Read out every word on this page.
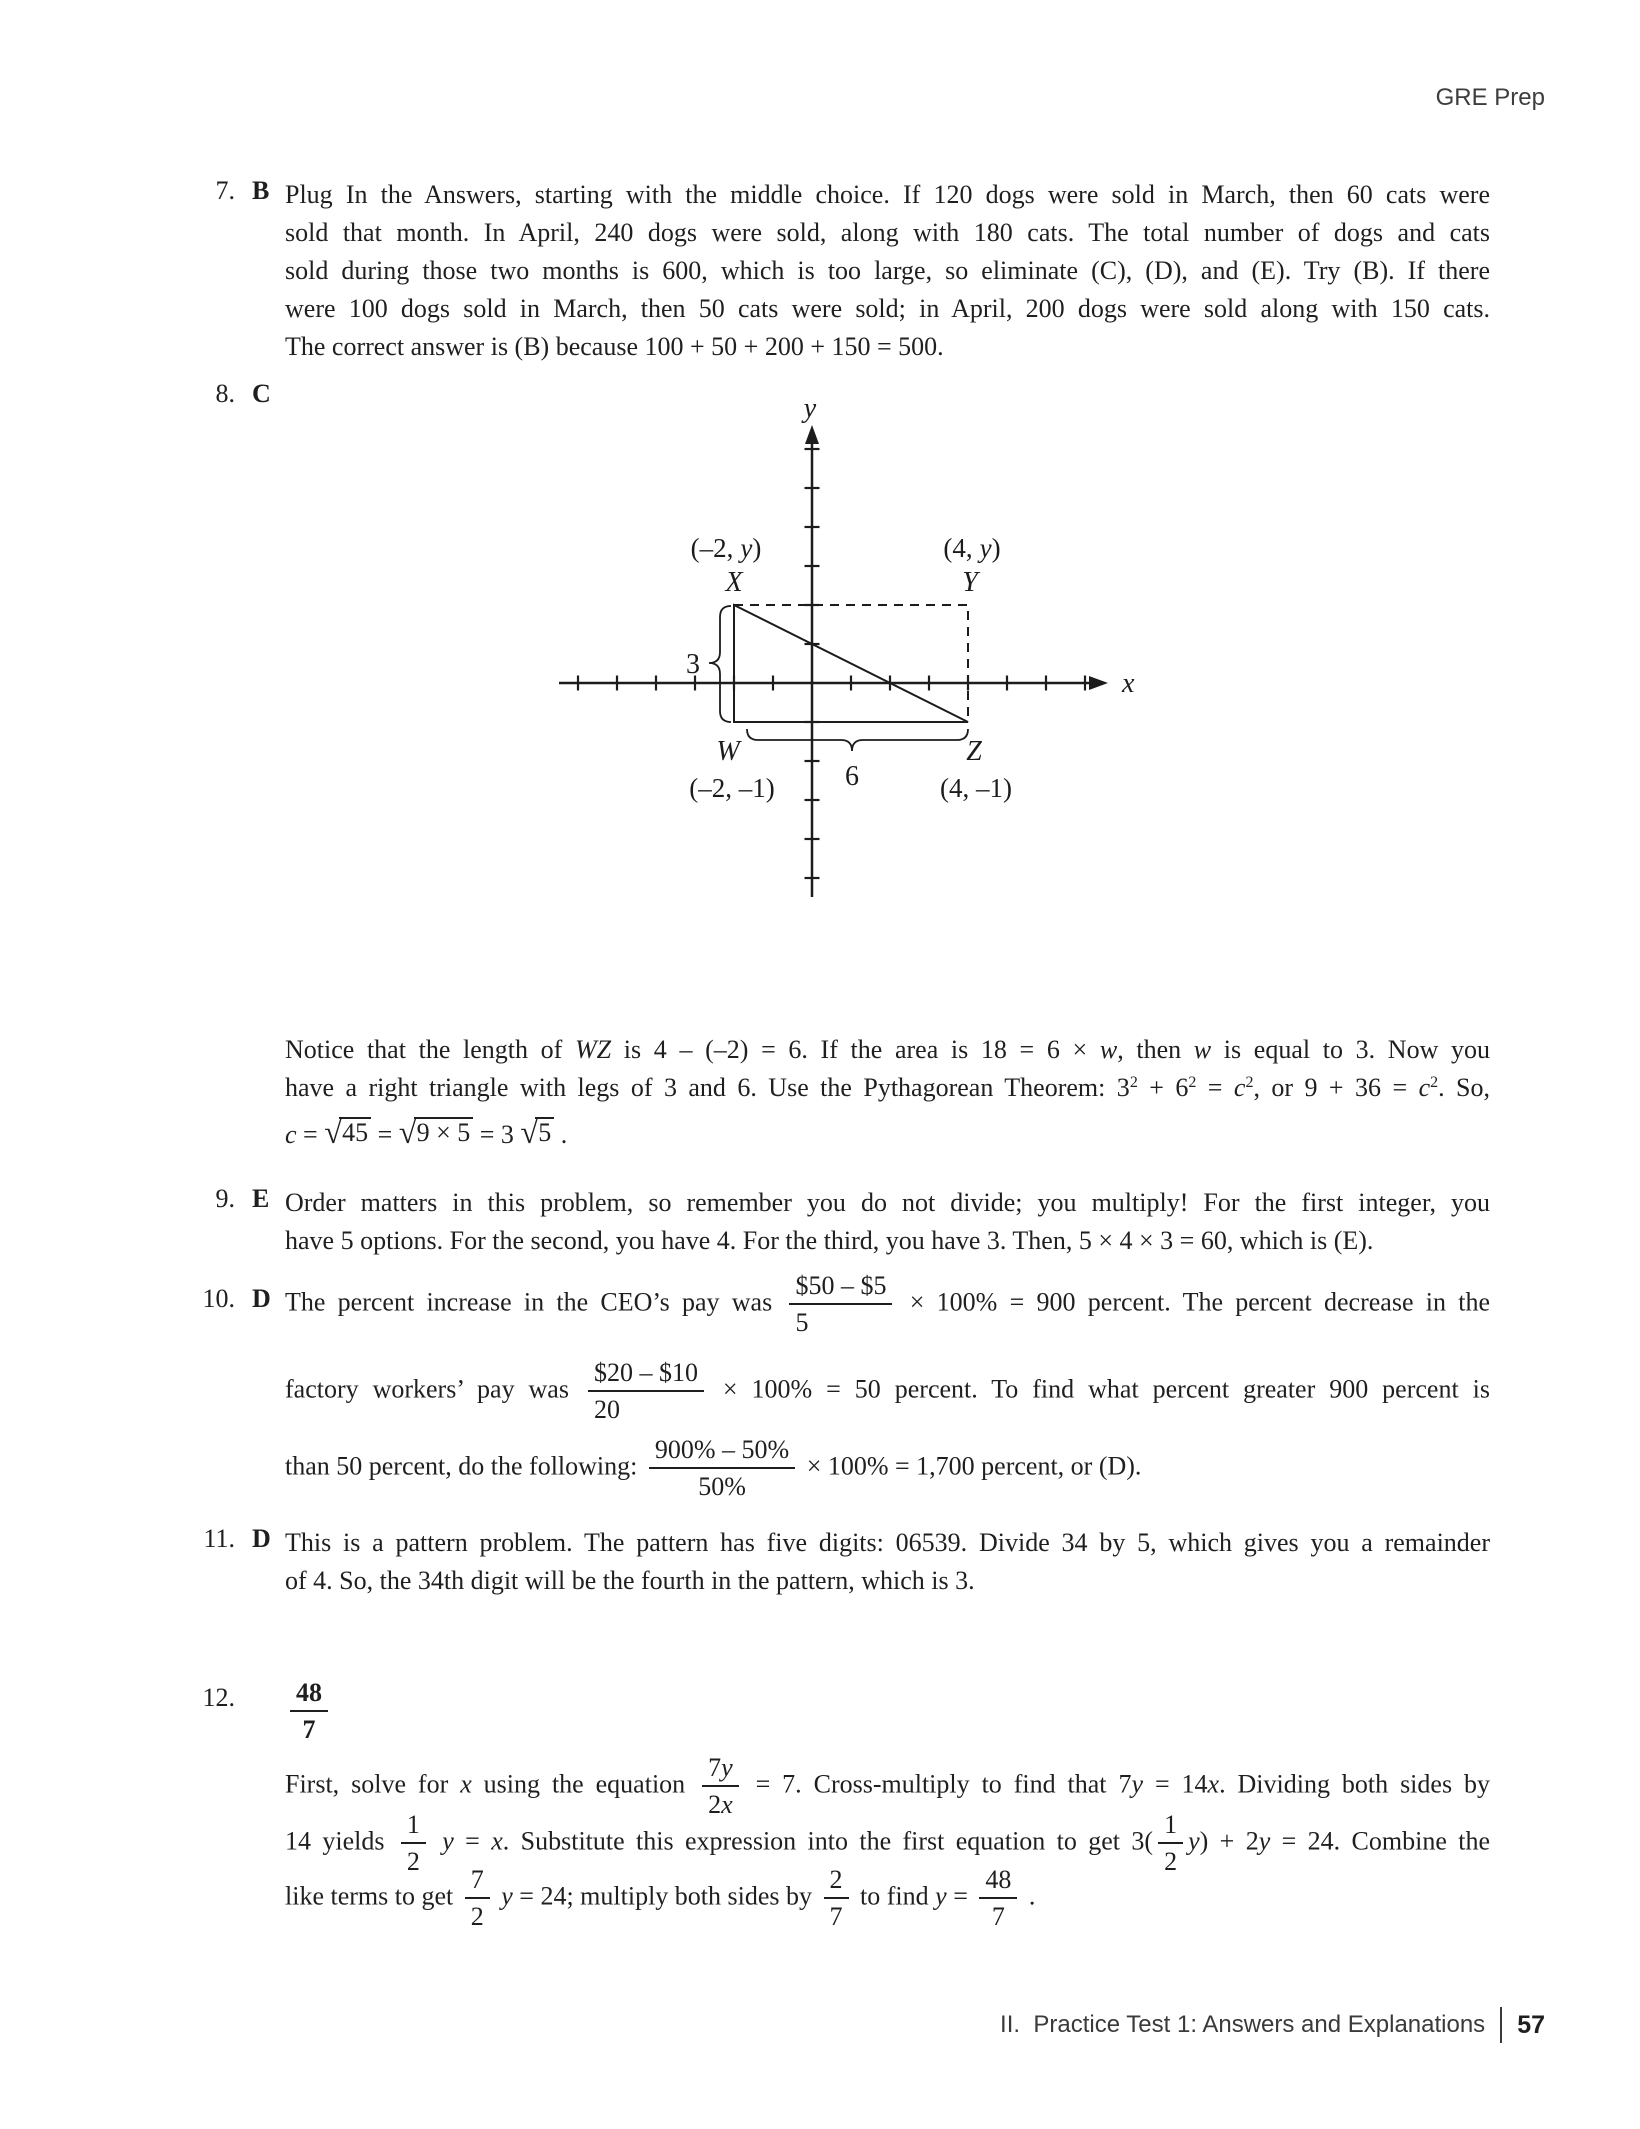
GRE Prep
7. B Plug In the Answers, starting with the middle choice. If 120 dogs were sold in March, then 60 cats were
sold that month. In April, 240 dogs were sold, along with 180 cats. The total number of dogs and cats
sold during those two months is 600, which is too large, so eliminate (C), (D), and (E). Try (B). If there
were 100 dogs sold in March, then 50 cats were sold; in April, 200 dogs were sold along with 150 cats.
The correct answer is (B) because 100 + 50 + 200 + 150 = 500.
8. C
x
y
(–2, y)
X
(4, y)
Y
W
(–2, –1)
Z
(4, –1)
3
6
Notice that the length of WZ is 4 – (–2) = 6. If the area is 18 = 6 × w, then w is equal to 3. Now you
have a right triangle with legs of 3 and 6. Use the Pythagorean Theorem: $3^2 + 6^2 = c^2$, or $9 + 36 = c^2$. So,
c = √45 = √9 × 5 = 3 √5 .
9. E Order matters in this problem, so remember you do not divide; you multiply! For the first integer, you
have 5 options. For the second, you have 4. For the third, you have 3. Then, 5 × 4 × 3 = 60, which is (E).
10. D The percent increase in the CEO’s pay was $\frac{\$50 - \$5}{5} \times 100\% = 900$ percent. The percent decrease in the
factory workers’ pay was $\frac{\$20 - \$10}{20} \times 100\% = 50$ percent. To find what percent greater 900 percent is
than 50 percent, do the following: $\frac{900\% - 50\%}{50\%} \times 100\% = 1,700$ percent, or (D).
11. D This is a pattern problem. The pattern has five digits: 06539. Divide 34 by 5, which gives you a remainder
of 4. So, the 34th digit will be the fourth in the pattern, which is 3.
12. $\frac{48}{7}$
First, solve for x using the equation $\frac{7y}{2x} = 7$. Cross-multiply to find that 7y = 14x. Dividing both sides by
14 yields $\frac{1}{2}$ y = x. Substitute this expression into the first equation to get $3( \frac{1}{2} y) + 2y = 24$. Combine the
like terms to get $\frac{7}{2}$ y = 24; multiply both sides by $\frac{2}{7}$ to find $y = \frac{48}{7}$ .
II.  Practice Test 1: Answers and Explanations 57
